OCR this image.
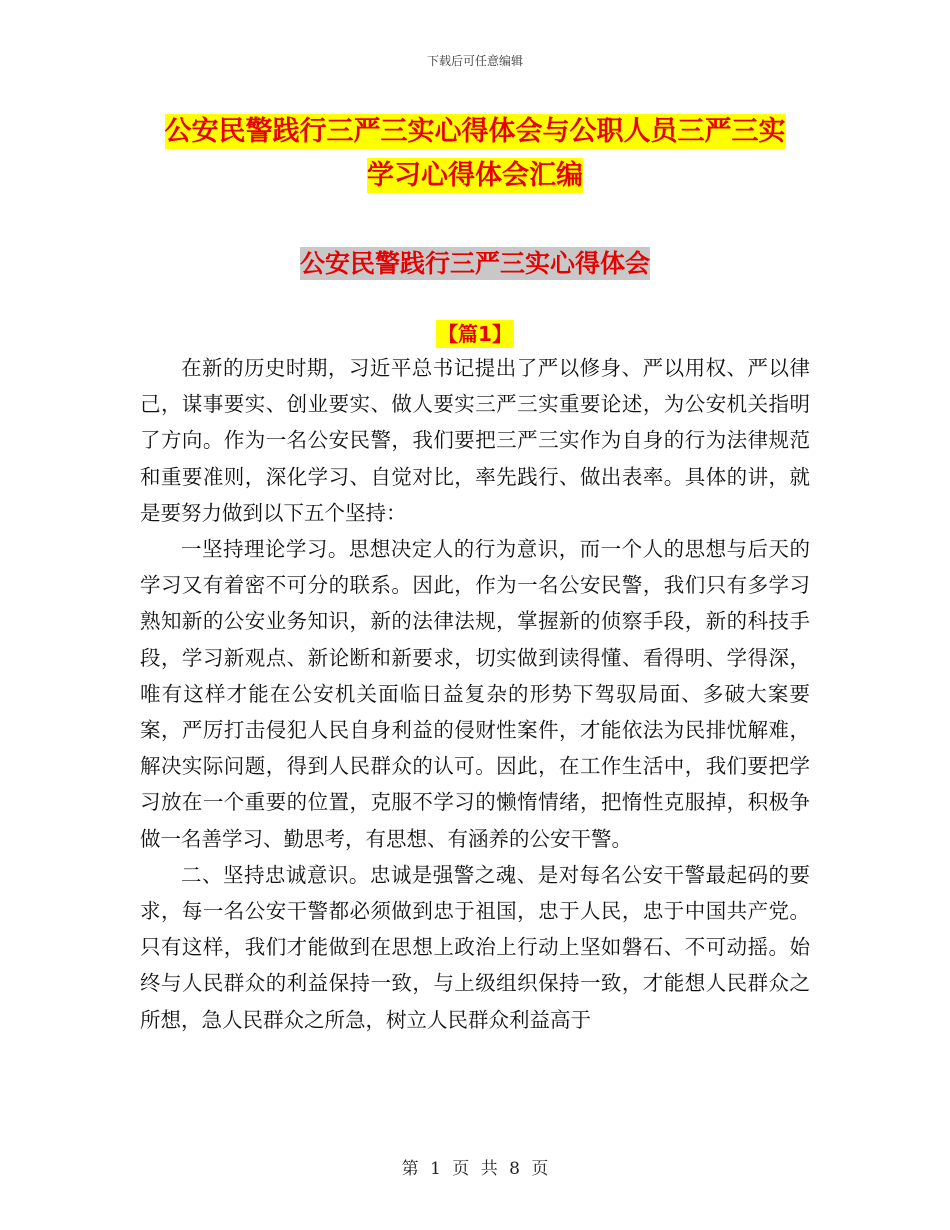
下载后可任意编辑
公安民警践行三严三实心得体会与公职人员三严三实
学习心得体会汇编
公安民警践行三严三实心得体会
【篇1】

在新的历史时期，习近平总书记提出了严以修身、严以用权、严以律己，谋事要实、创业要实、做人要实三严三实重要论述，为公安机关指明了方向。作为一名公安民警，我们要把三严三实作为自身的行为法律规范和重要准则，深化学习、自觉对比，率先践行、做出表率。具体的讲，就是要努力做到以下五个坚持：

一坚持理论学习。思想决定人的行为意识，而一个人的思想与后天的学习又有着密不可分的联系。因此，作为一名公安民警，我们只有多学习熟知新的公安业务知识，新的法律法规，掌握新的侦察手段，新的科技手段，学习新观点、新论断和新要求，切实做到读得懂、看得明、学得深，唯有这样才能在公安机关面临日益复杂的形势下驾驭局面、多破大案要案，严厉打击侵犯人民自身利益的侵财性案件，才能依法为民排忧解难，解决实际问题，得到人民群众的认可。因此，在工作生活中，我们要把学习放在一个重要的位置，克服不学习的懒惰情绪，把惰性克服掉，积极争做一名善学习、勤思考，有思想、有涵养的公安干警。

二、坚持忠诚意识。忠诚是强警之魂、是对每名公安干警最起码的要求，每一名公安干警都必须做到忠于祖国，忠于人民，忠于中国共产党。只有这样，我们才能做到在思想上政治上行动上坚如磐石、不可动摇。始终与人民群众的利益保持一致，与上级组织保持一致，才能想人民群众之所想，急人民群众之所急，树立人民群众利益高于

第 1 页 共 8 页
